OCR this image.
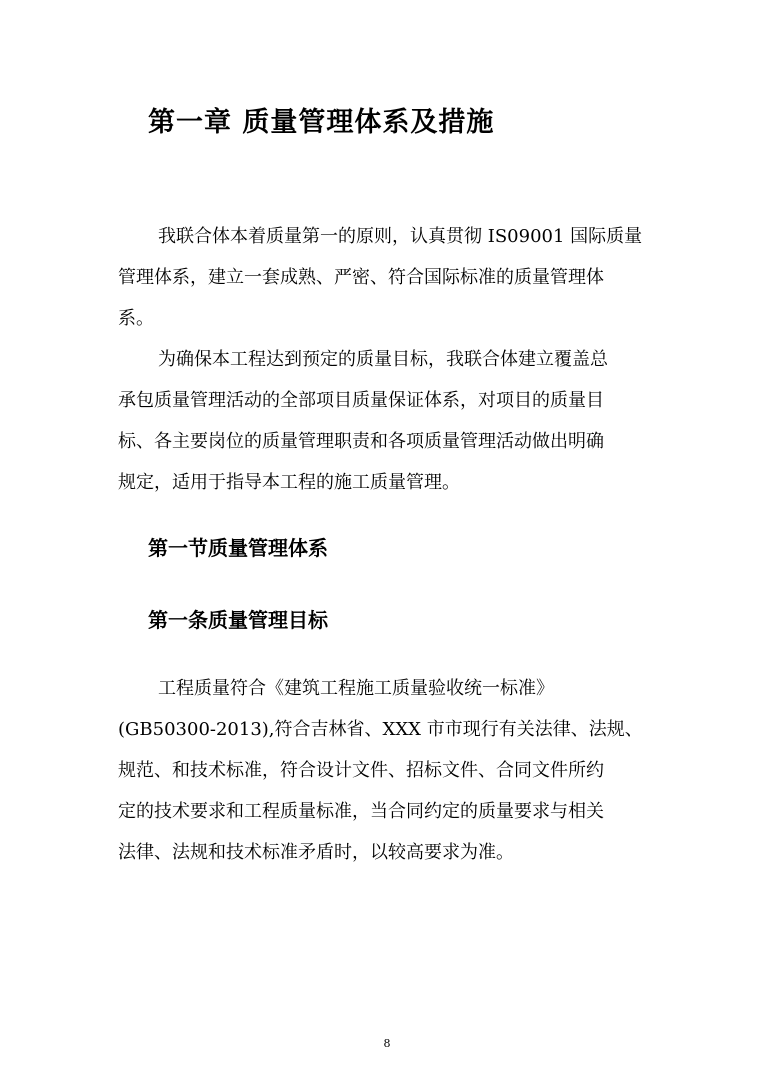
第一章 质量管理体系及措施
我联合体本着质量第一的原则，认真贯彻 IS09001 国际质量
管理体系，建立一套成熟、严密、符合国际标准的质量管理体
系。
为确保本工程达到预定的质量目标，我联合体建立覆盖总
承包质量管理活动的全部项目质量保证体系，对项目的质量目
标、各主要岗位的质量管理职责和各项质量管理活动做出明确
规定，适用于指导本工程的施工质量管理。
第一节质量管理体系
第一条质量管理目标
工程质量符合《建筑工程施工质量验收统一标准》
(GB50300-2013),符合吉林省、XXX 市市现行有关法律、法规、
规范、和技术标准，符合设计文件、招标文件、合同文件所约
定的技术要求和工程质量标准，当合同约定的质量要求与相关
法律、法规和技术标准矛盾时，以较高要求为准。
8
